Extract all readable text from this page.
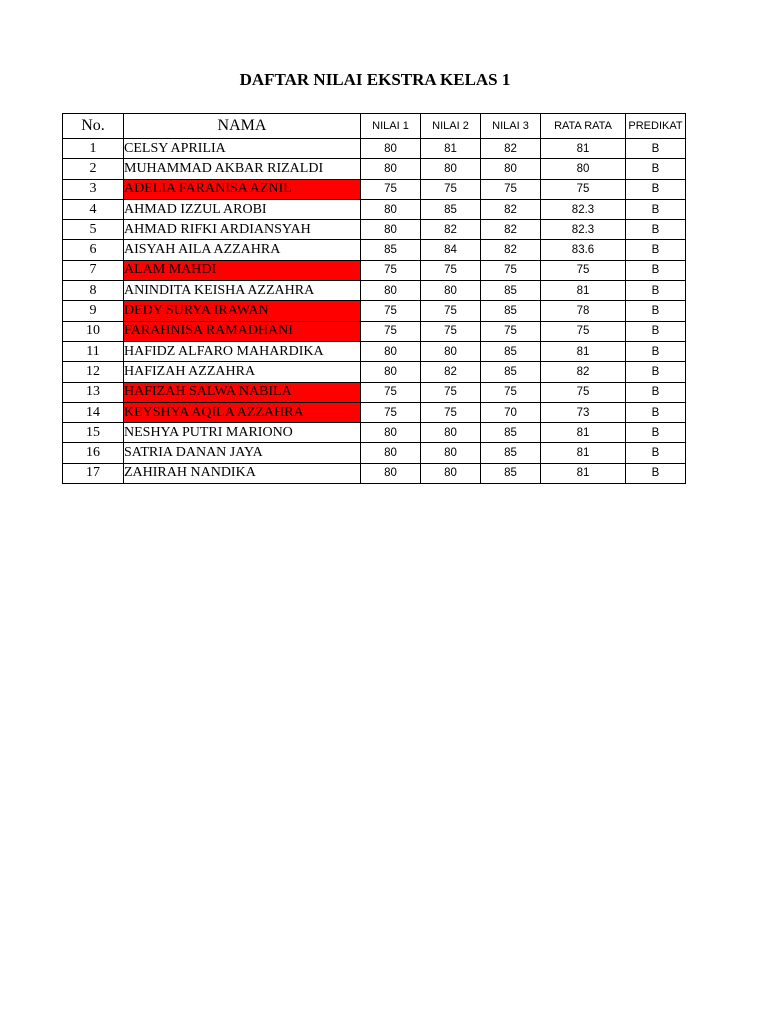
DAFTAR NILAI EKSTRA KELAS 1
No.	NAMA	NILAI 1	NILAI 2	NILAI 3	RATA RATA	PREDIKAT
1	CELSY APRILIA	80	81	82	81	B
2	MUHAMMAD AKBAR RIZALDI	80	80	80	80	B
3	ADELIA FARANISA AZNIL	75	75	75	75	B
4	AHMAD IZZUL AROBI	80	85	82	82.3	B
5	AHMAD RIFKI ARDIANSYAH	80	82	82	82.3	B
6	AISYAH AILA AZZAHRA	85	84	82	83.6	B
7	ALAM MAHDI	75	75	75	75	B
8	ANINDITA KEISHA AZZAHRA	80	80	85	81	B
9	DEDY SURYA IRAWAN	75	75	85	78	B
10	FARAHNISA RAMADHANI	75	75	75	75	B
11	HAFIDZ ALFARO MAHARDIKA	80	80	85	81	B
12	HAFIZAH AZZAHRA	80	82	85	82	B
13	HAFIZAH SALWA NABILA	75	75	75	75	B
14	KEYSHYA AQILA AZZAHRA	75	75	70	73	B
15	NESHYA PUTRI MARIONO	80	80	85	81	B
16	SATRIA DANAN JAYA	80	80	85	81	B
17	ZAHIRAH NANDIKA	80	80	85	81	B
